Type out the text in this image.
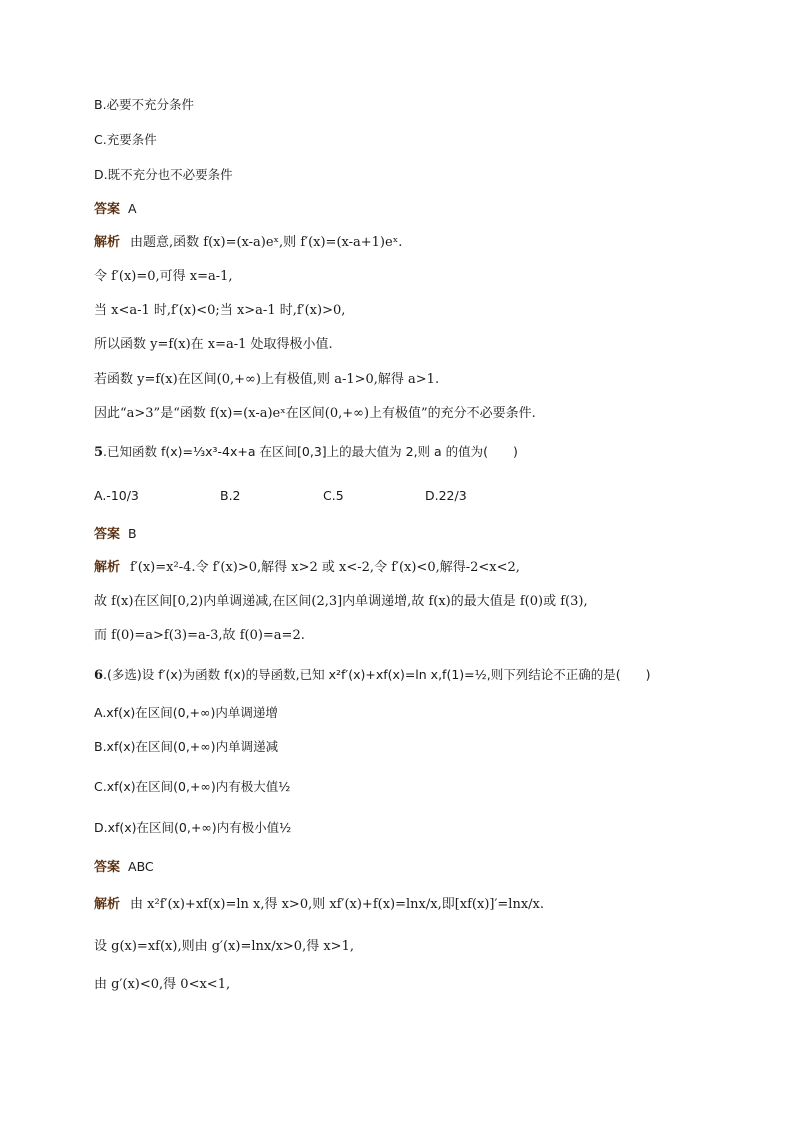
B.必要不充分条件
C.充要条件
D.既不充分也不必要条件
答案 A
解析 由题意,函数 f(x)=(x-a)eˣ,则 f′(x)=(x-a+1)eˣ.
令 f′(x)=0,可得 x=a-1,
当 x<a-1 时,f′(x)<0;当 x>a-1 时,f′(x)>0,
所以函数 y=f(x)在 x=a-1 处取得极小值.
若函数 y=f(x)在区间(0,+∞)上有极值,则 a-1>0,解得 a>1.
因此“a>3”是“函数 f(x)=(x-a)eˣ在区间(0,+∞)上有极值”的充分不必要条件.
5.已知函数 f(x)=⅓x³-4x+a 在区间[0,3]上的最大值为 2,则 a 的值为(　　)
A.-10/3	B.2	C.5	D.22/3
答案 B
解析 f′(x)=x²-4.令 f′(x)>0,解得 x>2 或 x<-2,令 f′(x)<0,解得-2<x<2,
故 f(x)在区间[0,2)内单调递减,在区间(2,3]内单调递增,故 f(x)的最大值是 f(0)或 f(3),
而 f(0)=a>f(3)=a-3,故 f(0)=a=2.
6.(多选)设 f′(x)为函数 f(x)的导函数,已知 x²f′(x)+xf(x)=ln x,f(1)=½,则下列结论不正确的是(　　)
A.xf(x)在区间(0,+∞)内单调递增
B.xf(x)在区间(0,+∞)内单调递减
C.xf(x)在区间(0,+∞)内有极大值½
D.xf(x)在区间(0,+∞)内有极小值½
答案 ABC
解析 由 x²f′(x)+xf(x)=ln x,得 x>0,则 xf′(x)+f(x)=lnx/x,即[xf(x)]′=lnx/x.
设 g(x)=xf(x),则由 g′(x)=lnx/x>0,得 x>1,
由 g′(x)<0,得 0<x<1,
